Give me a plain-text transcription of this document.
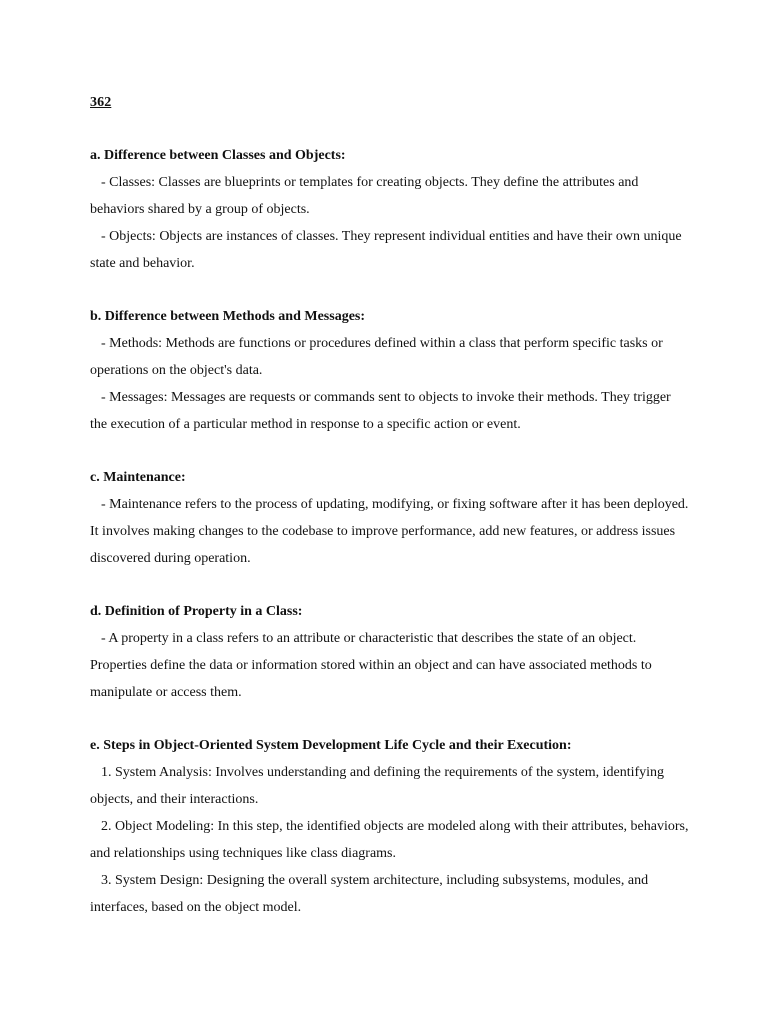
362

a. Difference between Classes and Objects:

- Classes: Classes are blueprints or templates for creating objects. They define the attributes and behaviors shared by a group of objects.

- Objects: Objects are instances of classes. They represent individual entities and have their own unique state and behavior.

b. Difference between Methods and Messages:

- Methods: Methods are functions or procedures defined within a class that perform specific tasks or operations on the object's data.

- Messages: Messages are requests or commands sent to objects to invoke their methods. They trigger the execution of a particular method in response to a specific action or event.

c. Maintenance:

- Maintenance refers to the process of updating, modifying, or fixing software after it has been deployed. It involves making changes to the codebase to improve performance, add new features, or address issues discovered during operation.

d. Definition of Property in a Class:

- A property in a class refers to an attribute or characteristic that describes the state of an object. Properties define the data or information stored within an object and can have associated methods to manipulate or access them.

e. Steps in Object-Oriented System Development Life Cycle and their Execution:

1. System Analysis: Involves understanding and defining the requirements of the system, identifying objects, and their interactions.

2. Object Modeling: In this step, the identified objects are modeled along with their attributes, behaviors, and relationships using techniques like class diagrams.

3. System Design: Designing the overall system architecture, including subsystems, modules, and interfaces, based on the object model.
